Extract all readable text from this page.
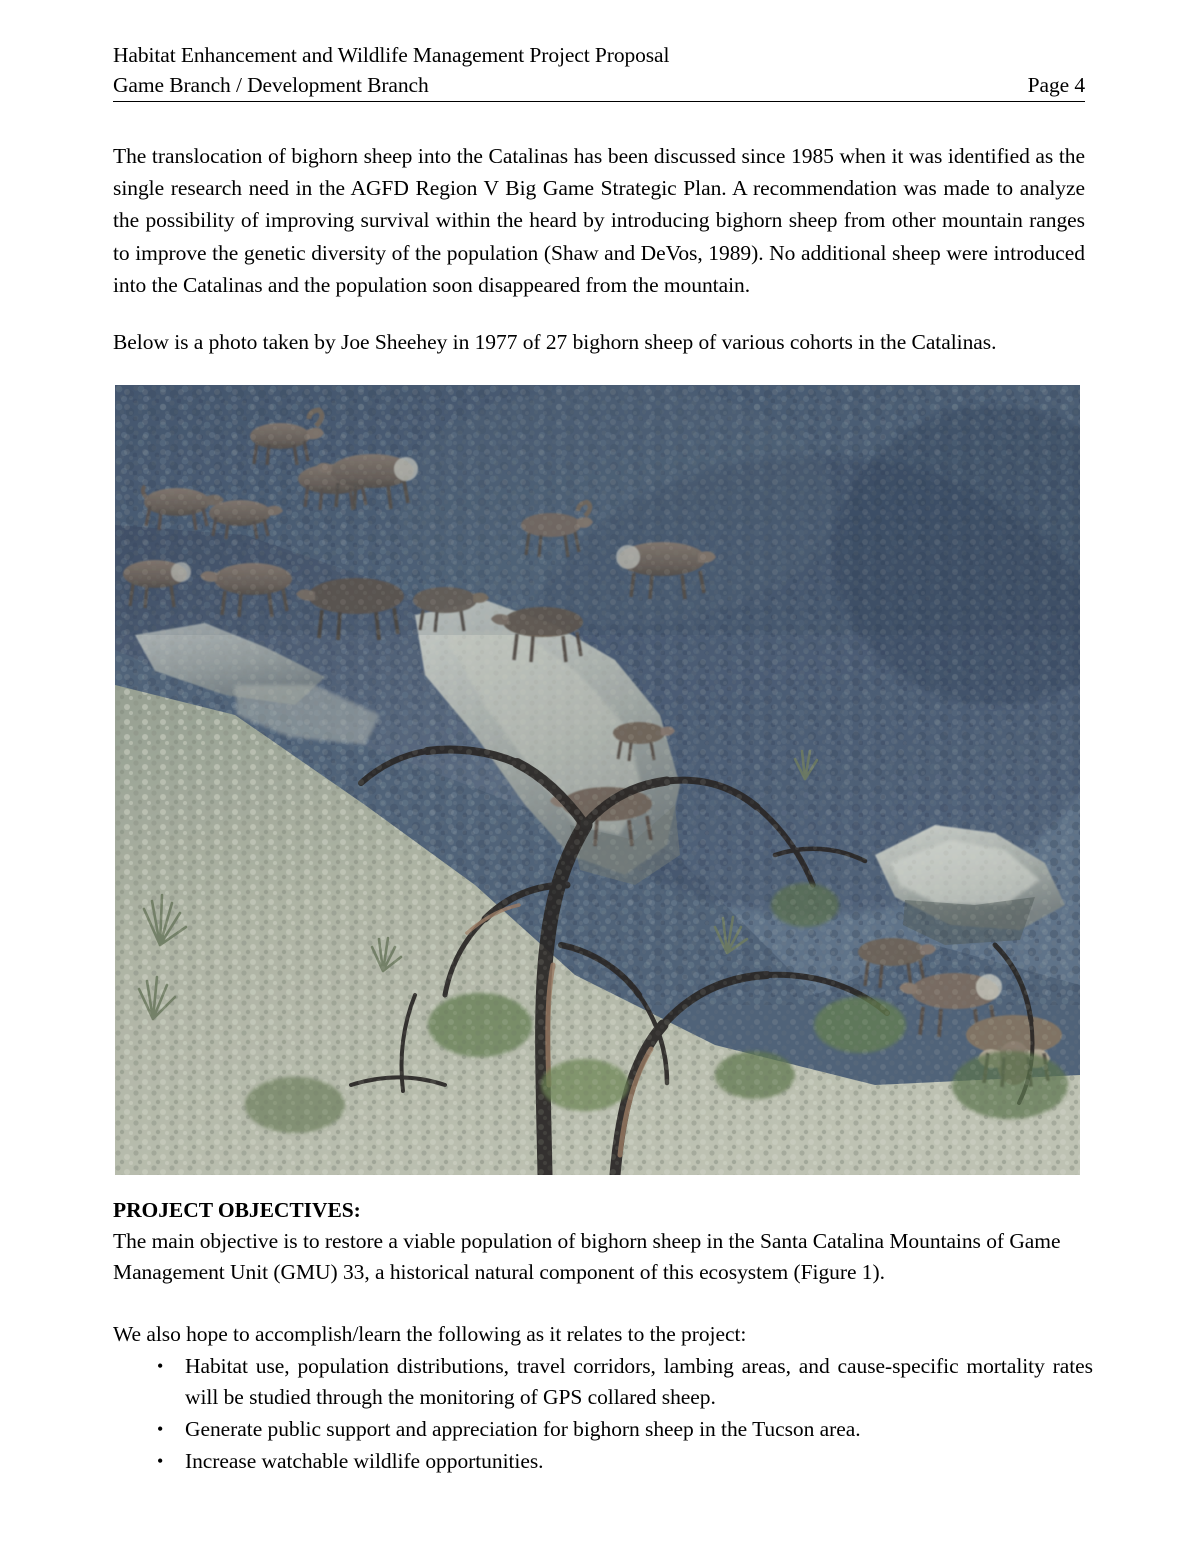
Habitat Enhancement and Wildlife Management Project Proposal
Game Branch / Development Branch	Page 4
The translocation of bighorn sheep into the Catalinas has been discussed since 1985 when it was identified as the single research need in the AGFD Region V Big Game Strategic Plan. A recommendation was made to analyze the possibility of improving survival within the heard by introducing bighorn sheep from other mountain ranges to improve the genetic diversity of the population (Shaw and DeVos, 1989). No additional sheep were introduced into the Catalinas and the population soon disappeared from the mountain.
Below is a photo taken by Joe Sheehey in 1977 of 27 bighorn sheep of various cohorts in the Catalinas.
PROJECT OBJECTIVES:
The main objective is to restore a viable population of bighorn sheep in the Santa Catalina Mountains of Game Management Unit (GMU) 33, a historical natural component of this ecosystem (Figure 1).
We also hope to accomplish/learn the following as it relates to the project:
• Habitat use, population distributions, travel corridors, lambing areas, and cause-specific mortality rates will be studied through the monitoring of GPS collared sheep.
• Generate public support and appreciation for bighorn sheep in the Tucson area.
• Increase watchable wildlife opportunities.
